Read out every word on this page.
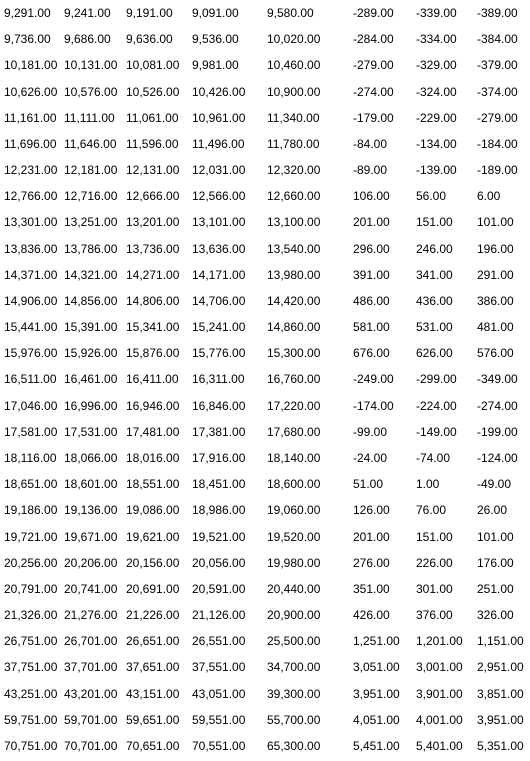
9,291.00	9,241.00	9,191.00	9,091.00	9,580.00	-289.00	-339.00	-389.00
9,736.00	9,686.00	9,636.00	9,536.00	10,020.00	-284.00	-334.00	-384.00
10,181.00	10,131.00	10,081.00	9,981.00	10,460.00	-279.00	-329.00	-379.00
10,626.00	10,576.00	10,526.00	10,426.00	10,900.00	-274.00	-324.00	-374.00
11,161.00	11,111.00	11,061.00	10,961.00	11,340.00	-179.00	-229.00	-279.00
11,696.00	11,646.00	11,596.00	11,496.00	11,780.00	-84.00	-134.00	-184.00
12,231.00	12,181.00	12,131.00	12,031.00	12,320.00	-89.00	-139.00	-189.00
12,766.00	12,716.00	12,666.00	12,566.00	12,660.00	106.00	56.00	6.00
13,301.00	13,251.00	13,201.00	13,101.00	13,100.00	201.00	151.00	101.00
13,836.00	13,786.00	13,736.00	13,636.00	13,540.00	296.00	246.00	196.00
14,371.00	14,321.00	14,271.00	14,171.00	13,980.00	391.00	341.00	291.00
14,906.00	14,856.00	14,806.00	14,706.00	14,420.00	486.00	436.00	386.00
15,441.00	15,391.00	15,341.00	15,241.00	14,860.00	581.00	531.00	481.00
15,976.00	15,926.00	15,876.00	15,776.00	15,300.00	676.00	626.00	576.00
16,511.00	16,461.00	16,411.00	16,311.00	16,760.00	-249.00	-299.00	-349.00
17,046.00	16,996.00	16,946.00	16,846.00	17,220.00	-174.00	-224.00	-274.00
17,581.00	17,531.00	17,481.00	17,381.00	17,680.00	-99.00	-149.00	-199.00
18,116.00	18,066.00	18,016.00	17,916.00	18,140.00	-24.00	-74.00	-124.00
18,651.00	18,601.00	18,551.00	18,451.00	18,600.00	51.00	1.00	-49.00
19,186.00	19,136.00	19,086.00	18,986.00	19,060.00	126.00	76.00	26.00
19,721.00	19,671.00	19,621.00	19,521.00	19,520.00	201.00	151.00	101.00
20,256.00	20,206.00	20,156.00	20,056.00	19,980.00	276.00	226.00	176.00
20,791.00	20,741.00	20,691.00	20,591.00	20,440.00	351.00	301.00	251.00
21,326.00	21,276.00	21,226.00	21,126.00	20,900.00	426.00	376.00	326.00
26,751.00	26,701.00	26,651.00	26,551.00	25,500.00	1,251.00	1,201.00	1,151.00
37,751.00	37,701.00	37,651.00	37,551.00	34,700.00	3,051.00	3,001.00	2,951.00
43,251.00	43,201.00	43,151.00	43,051.00	39,300.00	3,951.00	3,901.00	3,851.00
59,751.00	59,701.00	59,651.00	59,551.00	55,700.00	4,051.00	4,001.00	3,951.00
70,751.00	70,701.00	70,651.00	70,551.00	65,300.00	5,451.00	5,401.00	5,351.00
